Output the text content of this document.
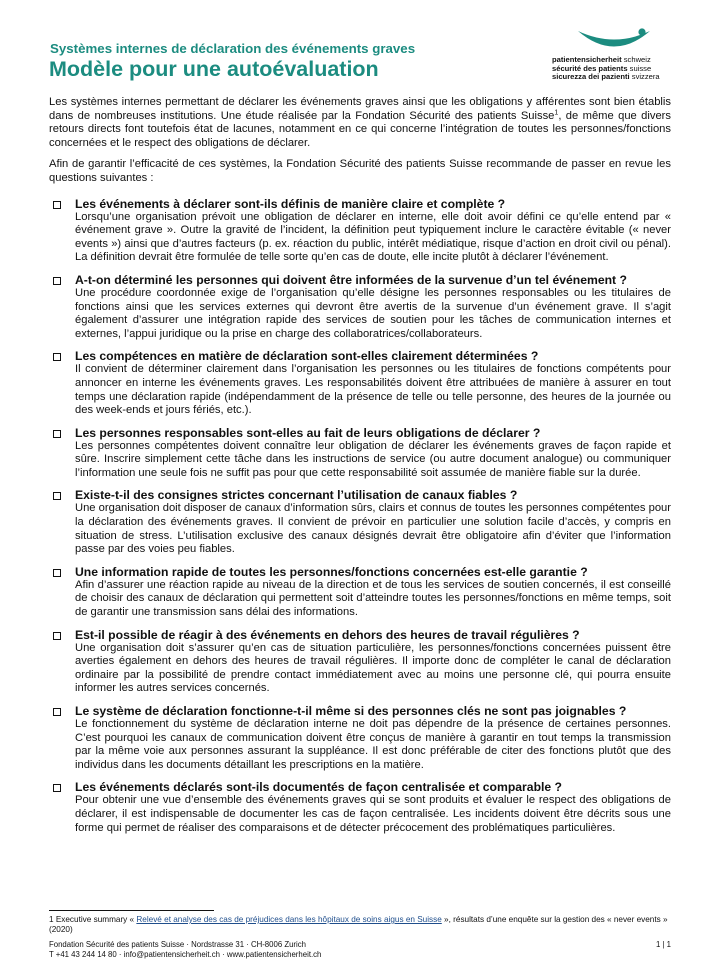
Systèmes internes de déclaration des événements graves
Modèle pour une autoévaluation	patientensicherheit schweiz
sécurité des patients suisse
sicurezza dei pazienti svizzera

Les systèmes internes permettant de déclarer les événements graves ainsi que les obligations y afférentes sont bien établis dans de nombreuses institutions. Une étude réalisée par la Fondation Sécurité des patients Suisse$^1$, de même que divers retours directs font toutefois état de lacunes, notamment en ce qui concerne l’intégration de toutes les personnes/fonctions concernées et le respect des obligations de déclarer.

Afin de garantir l’efficacité de ces systèmes, la Fondation Sécurité des patients Suisse recommande de passer en revue les questions suivantes :

Les événements à déclarer sont-ils définis de manière claire et complète ?
Lorsqu’une organisation prévoit une obligation de déclarer en interne, elle doit avoir défini ce qu’elle entend par « événement grave ». Outre la gravité de l’incident, la définition peut typiquement inclure le caractère évitable (« never events ») ainsi que d’autres facteurs (p. ex. réaction du public, intérêt médiatique, risque d’action en droit civil ou pénal). La définition devrait être formulée de telle sorte qu’en cas de doute, elle incite plutôt à déclarer l’événement.
A-t-on déterminé les personnes qui doivent être informées de la survenue d’un tel événement ?
Une procédure coordonnée exige de l’organisation qu’elle désigne les personnes responsables ou les titulaires de fonctions ainsi que les services externes qui devront être avertis de la survenue d’un événement grave. Il s’agit également d’assurer une intégration rapide des services de soutien pour les tâches de communication internes et externes, l’appui juridique ou la prise en charge des collaboratrices/collaborateurs.
Les compétences en matière de déclaration sont-elles clairement déterminées ?
Il convient de déterminer clairement dans l’organisation les personnes ou les titulaires de fonctions compétents pour annoncer en interne les événements graves. Les responsabilités doivent être attribuées de manière à assurer en tout temps une déclaration rapide (indépendamment de la présence de telle ou telle personne, des heures de la journée ou des week-ends et jours fériés, etc.).
Les personnes responsables sont-elles au fait de leurs obligations de déclarer ?
Les personnes compétentes doivent connaître leur obligation de déclarer les événements graves de façon rapide et sûre. Inscrire simplement cette tâche dans les instructions de service (ou autre document analogue) ou communiquer l’information une seule fois ne suffit pas pour que cette responsabilité soit assumée de manière fiable sur la durée.
Existe-t-il des consignes strictes concernant l’utilisation de canaux fiables ?
Une organisation doit disposer de canaux d’information sûrs, clairs et connus de toutes les personnes compétentes pour la déclaration des événements graves. Il convient de prévoir en particulier une solution facile d’accès, y compris en situation de stress. L’utilisation exclusive des canaux désignés devrait être obligatoire afin d’éviter que l’information passe par des voies peu fiables.
Une information rapide de toutes les personnes/fonctions concernées est-elle garantie ?
Afin d’assurer une réaction rapide au niveau de la direction et de tous les services de soutien concernés, il est conseillé de choisir des canaux de déclaration qui permettent soit d’atteindre toutes les personnes/fonctions en même temps, soit de garantir une transmission sans délai des informations.
Est-il possible de réagir à des événements en dehors des heures de travail régulières ?
Une organisation doit s’assurer qu’en cas de situation particulière, les personnes/fonctions concernées puissent être averties également en dehors des heures de travail régulières. Il importe donc de compléter le canal de déclaration ordinaire par la possibilité de prendre contact immédiatement avec au moins une personne clé, qui pourra ensuite informer les autres services concernés.
Le système de déclaration fonctionne-t-il même si des personnes clés ne sont pas joignables ?
Le fonctionnement du système de déclaration interne ne doit pas dépendre de la présence de certaines personnes. C’est pourquoi les canaux de communication doivent être conçus de manière à garantir en tout temps la transmission par la même voie aux personnes assurant la suppléance. Il est donc préférable de citer des fonctions plutôt que des individus dans les documents détaillant les prescriptions en la matière.
Les événements déclarés sont-ils documentés de façon centralisée et comparable ?
Pour obtenir une vue d’ensemble des événements graves qui se sont produits et évaluer le respect des obligations de déclarer, il est indispensable de documenter les cas de façon centralisée. Les incidents doivent être décrits sous une forme qui permet de réaliser des comparaisons et de détecter précocement des problématiques particulières.
1 Executive summary « Relevé et analyse des cas de préjudices dans les hôpitaux de soins aigus en Suisse », résultats d’une enquête sur la gestion des « never events » (2020)
Fondation Sécurité des patients Suisse · Nordstrasse 31 · CH-8006 Zurich
T +41 43 244 14 80 · info@patientensicherheit.ch · www.patientensicherheit.ch
1 | 1
